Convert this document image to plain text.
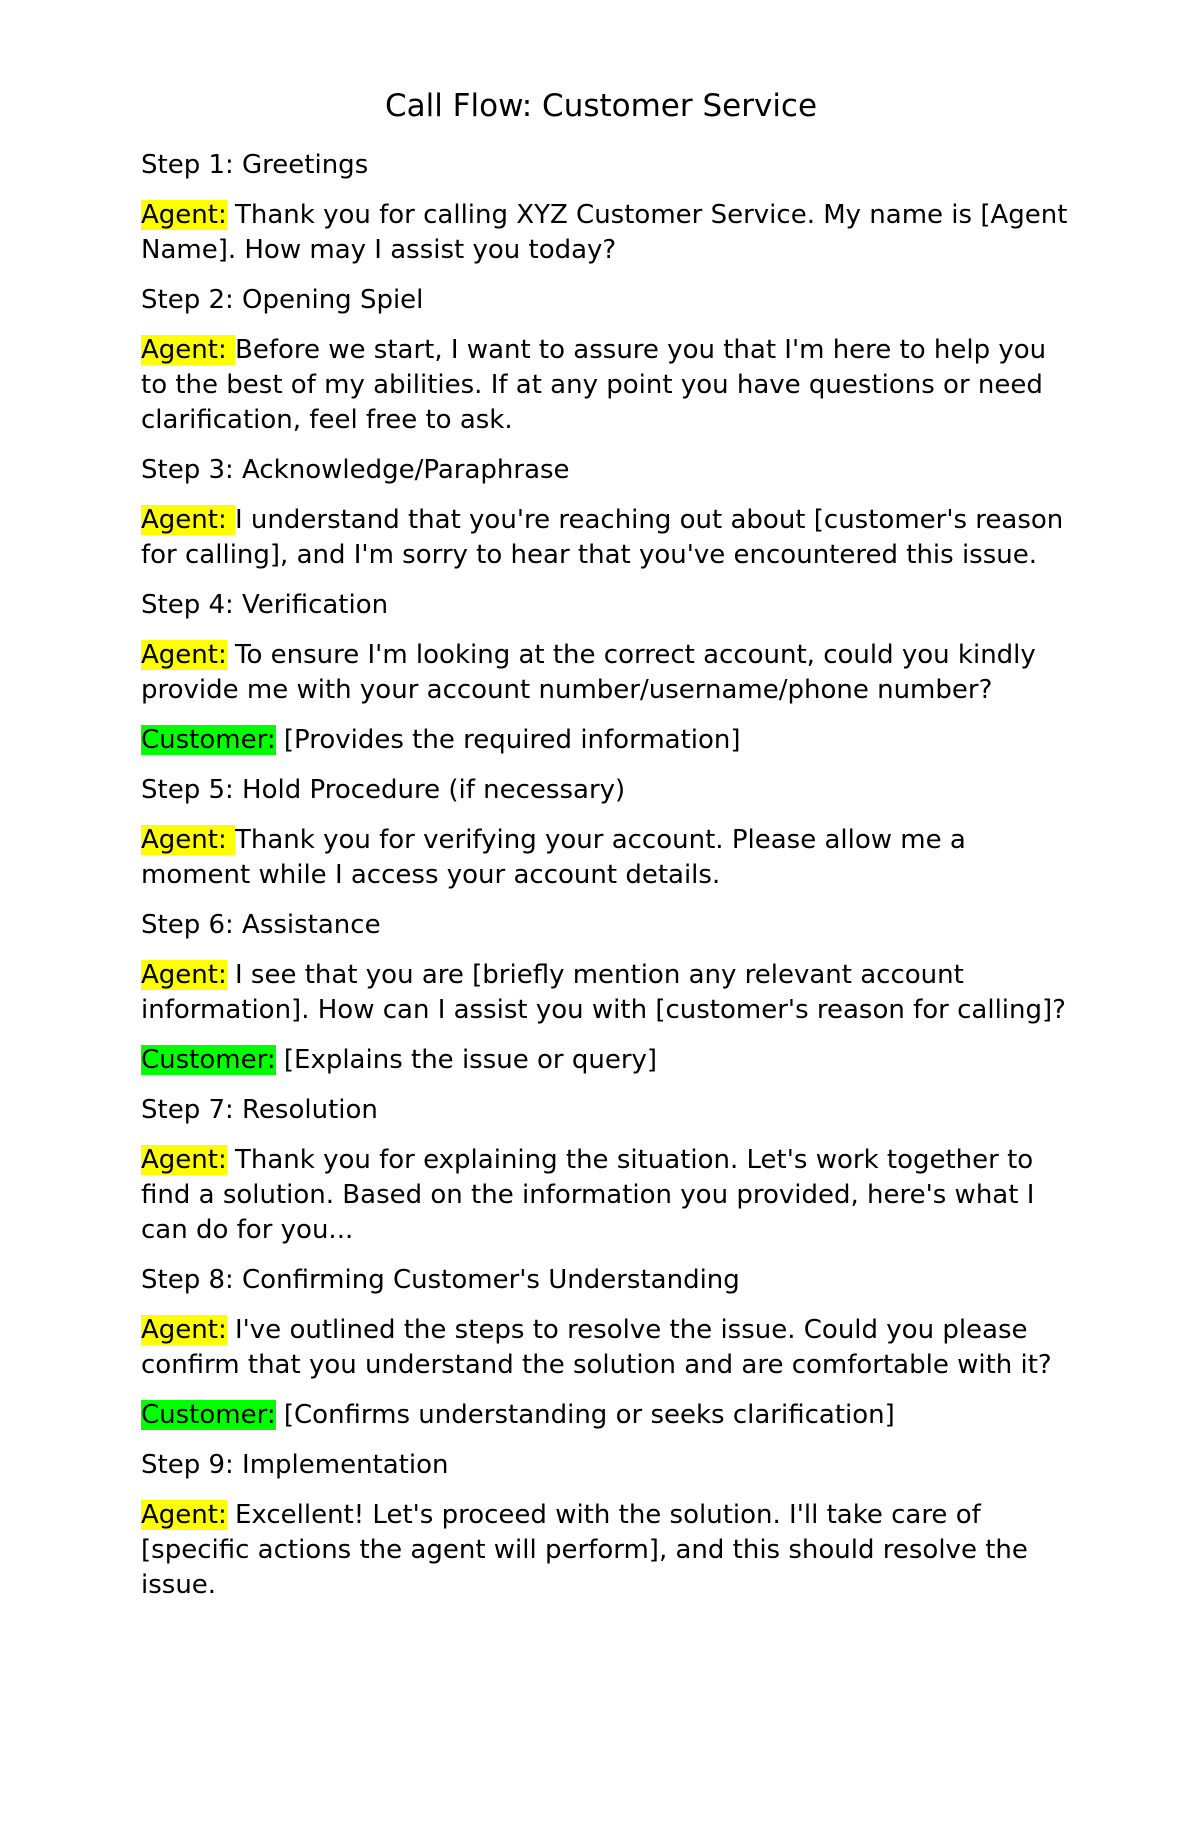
Call Flow: Customer Service
Step 1: Greetings
Agent: Thank you for calling XYZ Customer Service. My name is [Agent Name]. How may I assist you today?
Step 2: Opening Spiel
Agent: Before we start, I want to assure you that I'm here to help you to the best of my abilities. If at any point you have questions or need clarification, feel free to ask.
Step 3: Acknowledge/Paraphrase
Agent: I understand that you're reaching out about [customer's reason for calling], and I'm sorry to hear that you've encountered this issue.
Step 4: Verification
Agent: To ensure I'm looking at the correct account, could you kindly provide me with your account number/username/phone number?
Customer: [Provides the required information]
Step 5: Hold Procedure (if necessary)
Agent: Thank you for verifying your account. Please allow me a moment while I access your account details.
Step 6: Assistance
Agent: I see that you are [briefly mention any relevant account information]. How can I assist you with [customer's reason for calling]?
Customer: [Explains the issue or query]
Step 7: Resolution
Agent: Thank you for explaining the situation. Let's work together to find a solution. Based on the information you provided, here's what I can do for you...
Step 8: Confirming Customer's Understanding
Agent: I've outlined the steps to resolve the issue. Could you please confirm that you understand the solution and are comfortable with it?
Customer: [Confirms understanding or seeks clarification]
Step 9: Implementation
Agent: Excellent! Let's proceed with the solution. I'll take care of [specific actions the agent will perform], and this should resolve the issue.
